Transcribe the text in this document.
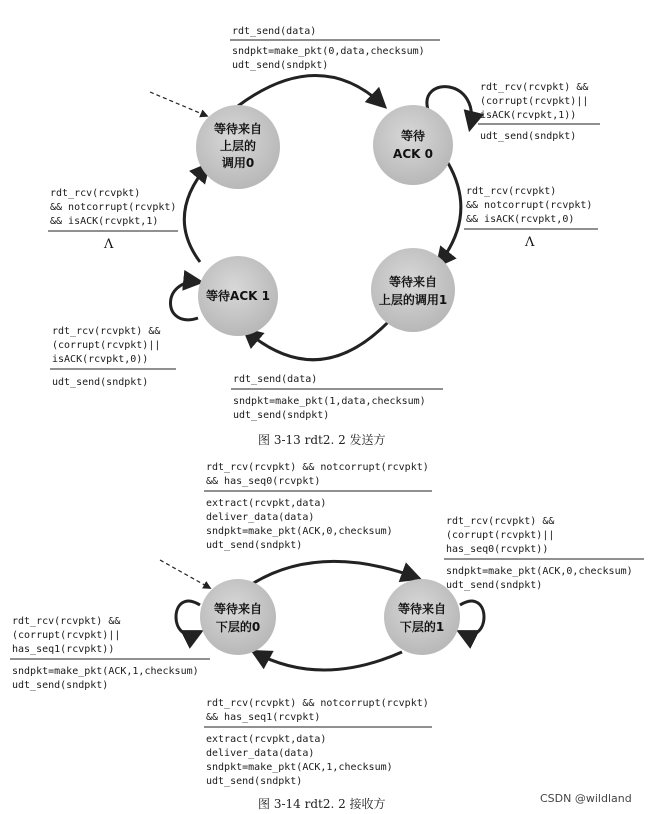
等待来自上层的调用0
等待 ACK 0
等待来自上层的调用1
等待ACK 1
rdt_send(data)
sndpkt=make_pkt(0,data,checksum) udt_send(sndpkt)
rdt_rcv(rcvpkt) && (corrupt(rcvpkt)|| isACK(rcvpkt,1))
udt_send(sndpkt)
rdt_rcv(rcvpkt) && notcorrupt(rcvpkt) && isACK(rcvpkt,0)
Λ
rdt_rcv(rcvpkt) && notcorrupt(rcvpkt) && isACK(rcvpkt,1)
Λ
rdt_rcv(rcvpkt) && (corrupt(rcvpkt)|| isACK(rcvpkt,0))
udt_send(sndpkt)	rdt_send(data)
sndpkt=make_pkt(1,data,checksum) udt_send(sndpkt)
图 3-13 rdt2. 2 发送方
等待来自下层的0
等待来自下层的1
rdt_rcv(rcvpkt) && notcorrupt(rcvpkt) && has_seq0(rcvpkt)
extract(rcvpkt,data) deliver_data(data) sndpkt=make_pkt(ACK,0,checksum) udt_send(sndpkt)
rdt_rcv(rcvpkt) && (corrupt(rcvpkt)|| has_seq0(rcvpkt))
sndpkt=make_pkt(ACK,0,checksum) udt_send(sndpkt)
rdt_rcv(rcvpkt) && (corrupt(rcvpkt)|| has_seq1(rcvpkt))
sndpkt=make_pkt(ACK,1,checksum) udt_send(sndpkt)
rdt_rcv(rcvpkt) && notcorrupt(rcvpkt) && has_seq1(rcvpkt)
extract(rcvpkt,data) deliver_data(data) sndpkt=make_pkt(ACK,1,checksum) udt_send(sndpkt)
图 3-14 rdt2. 2 接收方	CSDN @wildland
